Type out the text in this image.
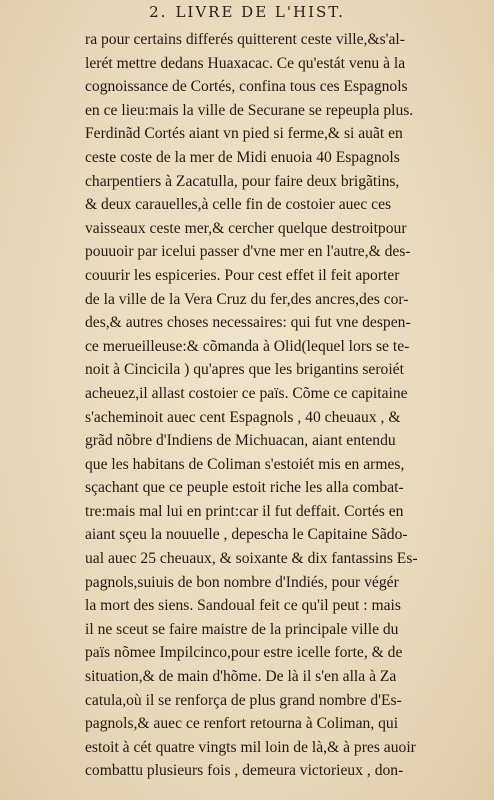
2. LIVRE DE L'HIST.
ra pour certains differés quitterent ceste ville,&s'al-
lerét mettre dedans Huaxacac. Ce qu'estát venu à la
cognoissance de Cortés, confina tous ces Espagnols
en ce lieu:mais la ville de Securane se repeupla plus.
Ferdinãd Cortés aiant vn pied si ferme,& si auãt en
ceste coste de la mer de Midi enuoia 40 Espagnols
charpentiers à Zacatulla, pour faire deux brigãtins,
& deux carauelles,à celle fin de costoier auec ces
vaisseaux ceste mer,& cercher quelque destroitpour
pouuoir par icelui passer d'vne mer en l'autre,& des-
couurir les espiceries. Pour cest effet il feit aporter
de la ville de la Vera Cruz du fer,des ancres,des cor-
des,& autres choses necessaires: qui fut vne despen-
ce merueilleuse:& cõmanda à Olid(lequel lors se te-
noit à Cincicila ) qu'apres que les brigantins seroiét
acheuez,il allast costoier ce païs. Cõme ce capitaine
s'acheminoit auec cent Espagnols , 40 cheuaux , &
grãd nõbre d'Indiens de Michuacan, aiant entendu
que les habitans de Coliman s'estoiét mis en armes,
sçachant que ce peuple estoit riche les alla combat-
tre:mais mal lui en print:car il fut deffait. Cortés en
aiant sçeu la nouuelle , depescha le Capitaine Sãdo-
ual auec 25 cheuaux, & soixante & dix fantassins Es-
pagnols,suiuis de bon nombre d'Indiés, pour végér
la mort des siens. Sandoual feit ce qu'il peut : mais
il ne sceut se faire maistre de la principale ville du
païs nõmee Impilcinco,pour estre icelle forte, & de
situation,& de main d'hõme. De là il s'en alla à Za
catula,où il se renforça de plus grand nombre d'Es-
pagnols,& auec ce renfort retourna à Coliman, qui
estoit à cét quatre vingts mil loin de là,& à pres auoir
combattu plusieurs fois , demeura victorieux , don-
